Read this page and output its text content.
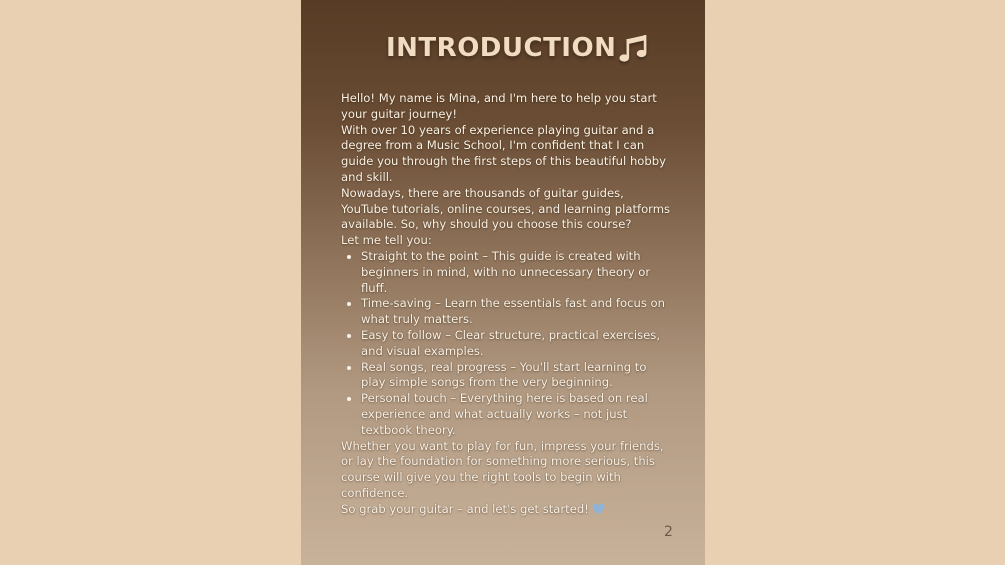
INTRODUCTION

Hello! My name is Mina, and I'm here to help you start your guitar journey!

With over 10 years of experience playing guitar and a degree from a Music School, I'm confident that I can guide you through the first steps of this beautiful hobby and skill.

Nowadays, there are thousands of guitar guides, YouTube tutorials, online courses, and learning platforms available. So, why should you choose this course?

Let me tell you:

• Straight to the point – This guide is created with beginners in mind, with no unnecessary theory or fluff.
• Time-saving – Learn the essentials fast and focus on what truly matters.
• Easy to follow – Clear structure, practical exercises, and visual examples.
• Real songs, real progress – You'll start learning to play simple songs from the very beginning.
• Personal touch – Everything here is based on real experience and what actually works – not just textbook theory.

Whether you want to play for fun, impress your friends, or lay the foundation for something more serious, this course will give you the right tools to begin with confidence.

So grab your guitar – and let's get started!

2
